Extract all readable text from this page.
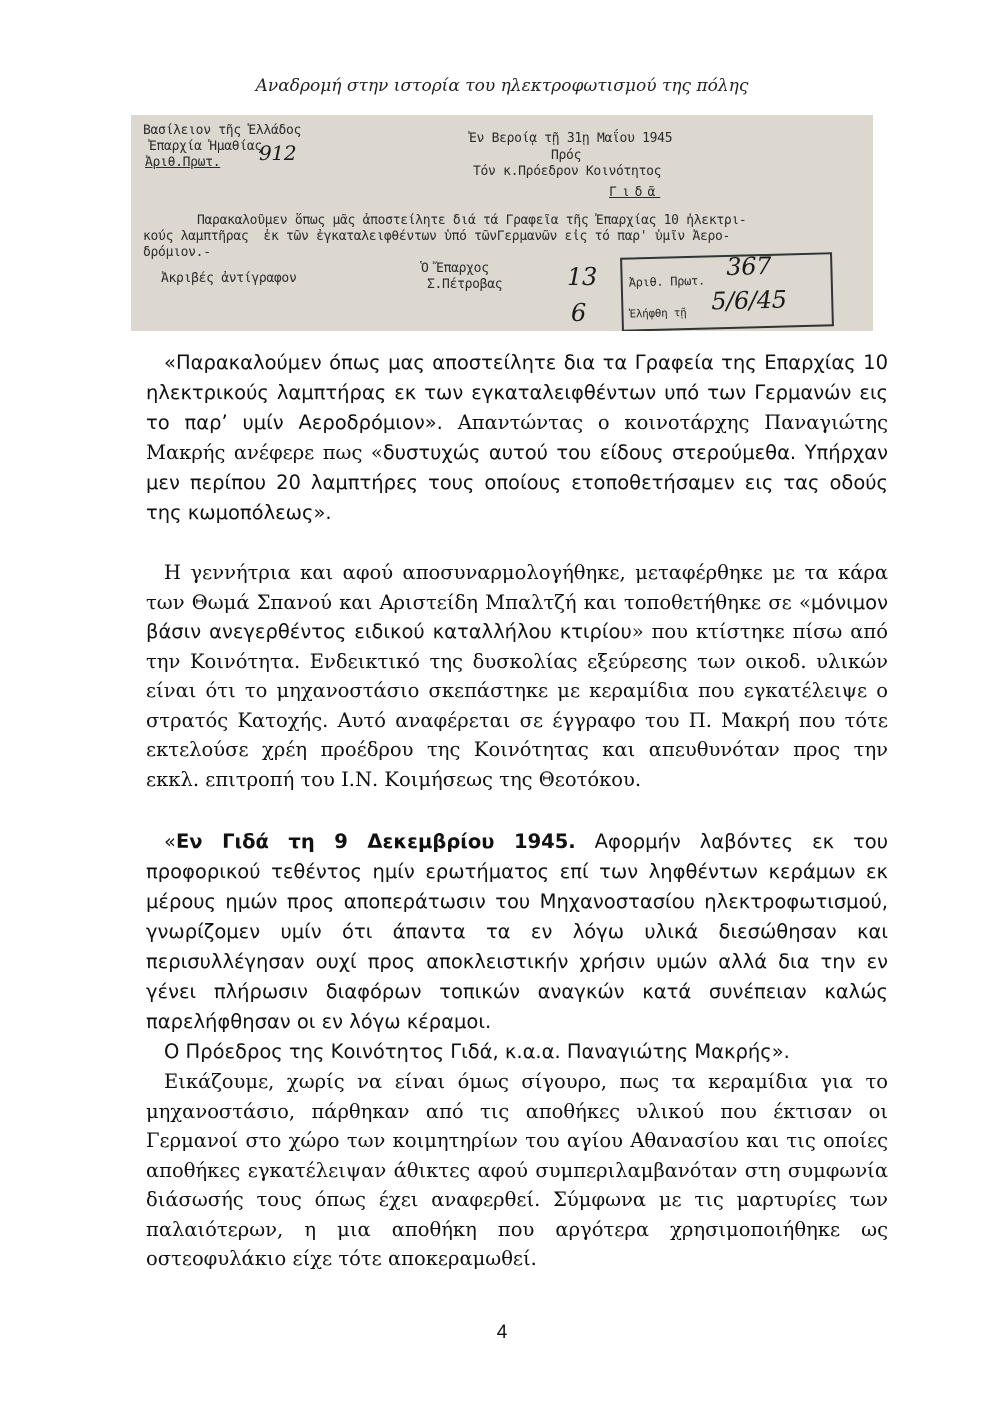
Αναδρομή στην ιστορία του ηλεκτροφωτισμού της πόλης
Βασίλειον τῆς Ἑλλάδος
Ἐπαρχία Ἡμαθίας
Ἀριθ.Πρωτ. 912
Ἐν Βεροίᾳ τῇ 31ῃ Μαΐου 1945
Πρός
Τόν κ.Πρόεδρον Κοινότητος
Γιδᾶ
Παρακαλοῦμεν ὅπως μᾶς ἀποστείλητε διά τά Γραφεῖα τῆς Ἐπαρχίας 10 ἠλεκτρι-
κούς λαμπτῆρας  ἐκ τῶν ἐγκαταλειφθέντων ὑπό τῶνΓερμανῶν εἰς τό παρ' ὑμῖν Ἀερο-
δρόμιον.-
Ἀκριβές ἀντίγραφον
Ὁ Ἔπαρχος
Σ.Πέτροβας	13
6
Ἀριθ. Πρωτ.
367
Ἐλήφθη τῇ 5/6/45

«Παρακαλούμεν όπως μας αποστείλητε δια τα Γραφεία της Επαρχίας 10 ηλεκτρικούς λαμπτήρας εκ των εγκαταλειφθέντων υπό των Γερμανών εις το παρ’ υμίν Αεροδρόμιον». Απαντώντας ο κοινοτάρχης Παναγιώτης Μακρής ανέφερε πως «δυστυχώς αυτού του είδους στερούμεθα. Υπήρχαν μεν περίπου 20 λαμπτήρες τους οποίους ετοποθετήσαμεν εις τας οδούς της κωμοπόλεως».

Η γεννήτρια και αφού αποσυναρμολογήθηκε, μεταφέρθηκε με τα κάρα των Θωμά Σπανού και Αριστείδη Μπαλτζή και τοποθετήθηκε σε «μόνιμον βάσιν ανεγερθέντος ειδικού καταλλήλου κτιρίου» που κτίστηκε πίσω από την Κοινότητα. Ενδεικτικό της δυσκολίας εξεύρεσης των οικοδ. υλικών είναι ότι το μηχανοστάσιο σκεπάστηκε με κεραμίδια που εγκατέλειψε ο στρατός Κατοχής. Αυτό αναφέρεται σε έγγραφο του Π. Μακρή που τότε εκτελούσε χρέη προέδρου της Κοινότητας και απευθυνόταν προς την εκκλ. επιτροπή του Ι.Ν. Κοιμήσεως της Θεοτόκου.

«Εν Γιδά τη 9 Δεκεμβρίου 1945. Αφορμήν λαβόντες εκ του προφορικού τεθέντος ημίν ερωτήματος επί των ληφθέντων κεράμων εκ μέρους ημών προς αποπεράτωσιν του Μηχανοστασίου ηλεκτροφωτισμού, γνωρίζομεν υμίν ότι άπαντα τα εν λόγω υλικά διεσώθησαν και περισυλλέγησαν ουχί προς αποκλειστικήν χρήσιν υμών αλλά δια την εν γένει πλήρωσιν διαφόρων τοπικών αναγκών κατά συνέπειαν καλώς παρελήφθησαν οι εν λόγω κέραμοι.

Ο Πρόεδρος της Κοινότητος Γιδά, κ.α.α. Παναγιώτης Μακρής».

Εικάζουμε, χωρίς να είναι όμως σίγουρο, πως τα κεραμίδια για το μηχανοστάσιο, πάρθηκαν από τις αποθήκες υλικού που έκτισαν οι Γερμανοί στο χώρο των κοιμητηρίων του αγίου Αθανασίου και τις οποίες αποθήκες εγκατέλειψαν άθικτες αφού συμπεριλαμβανόταν στη συμφωνία διάσωσής τους όπως έχει αναφερθεί. Σύμφωνα με τις μαρτυρίες των παλαιότερων, η μια αποθήκη που αργότερα χρησιμοποιήθηκε ως οστεοφυλάκιο είχε τότε αποκεραμωθεί.

4
